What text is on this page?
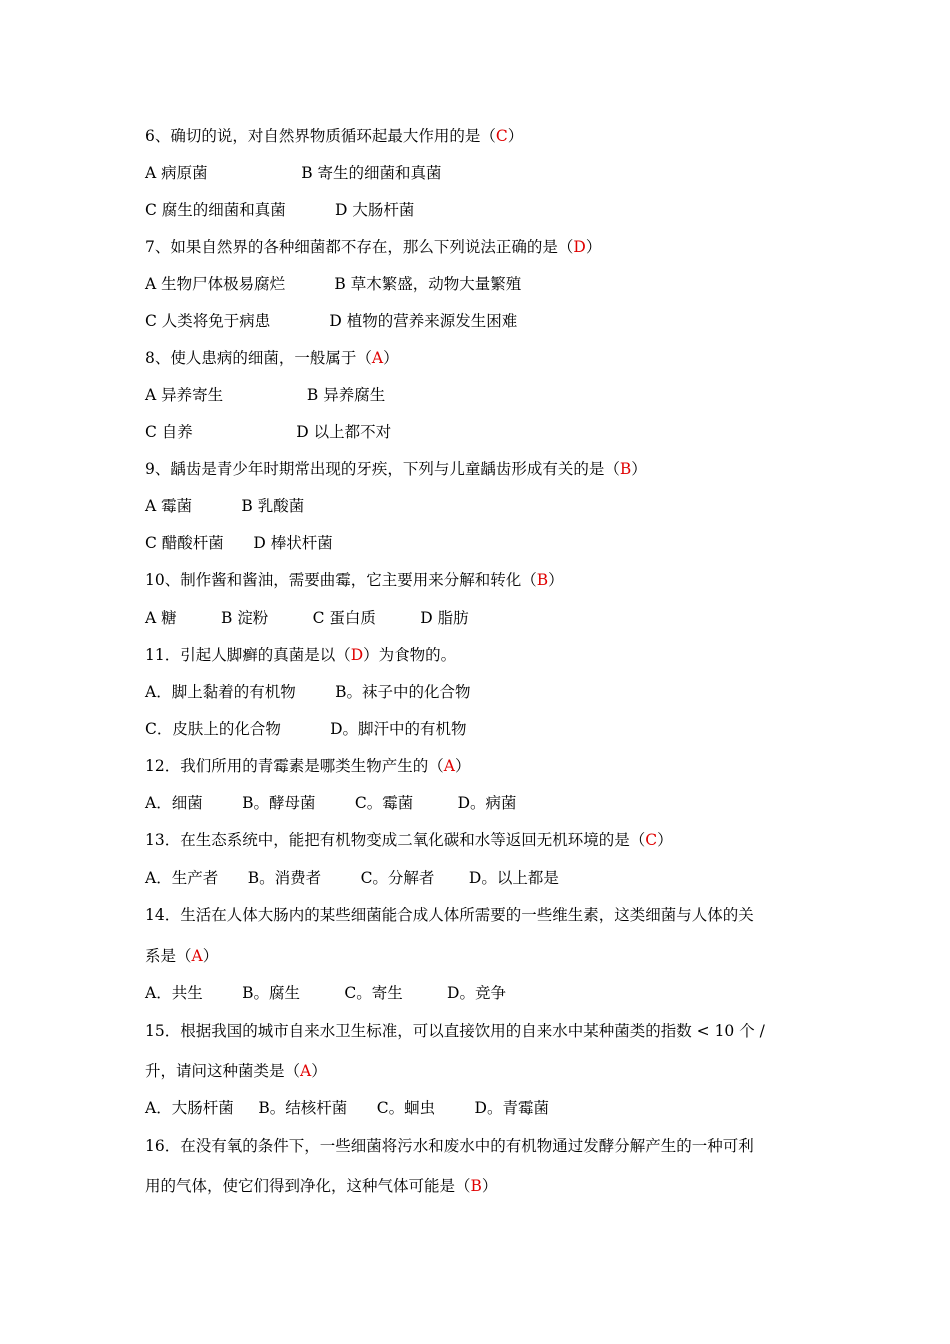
6、确切的说，对自然界物质循环起最大作用的是（C）
A 病原菌                   B 寄生的细菌和真菌
C 腐生的细菌和真菌          D 大肠杆菌
7、如果自然界的各种细菌都不存在，那么下列说法正确的是（D）
A 生物尸体极易腐烂          B 草木繁盛，动物大量繁殖
C 人类将免于病患            D 植物的营养来源发生困难
8、使人患病的细菌，一般属于（A）
A 异养寄生                 B 异养腐生
C 自养                     D 以上都不对
9、龋齿是青少年时期常出现的牙疾，下列与儿童龋齿形成有关的是（B）
A 霉菌          B 乳酸菌
C 醋酸杆菌      D 棒状杆菌
10、制作酱和酱油，需要曲霉，它主要用来分解和转化（B）
A 糖         B 淀粉         C 蛋白质         D 脂肪
11．引起人脚癣的真菌是以（D）为食物的。
A．脚上黏着的有机物        B。袜子中的化合物
C．皮肤上的化合物          D。脚汗中的有机物
12．我们所用的青霉素是哪类生物产生的（A）
A．细菌        B。酵母菌        C。霉菌         D。病菌
13．在生态系统中，能把有机物变成二氧化碳和水等返回无机环境的是（C）
A．生产者      B。消费者        C。分解者       D。以上都是
14．生活在人体大肠内的某些细菌能合成人体所需要的一些维生素，这类细菌与人体的关
系是（A）
A．共生        B。腐生         C。寄生         D。竞争
15．根据我国的城市自来水卫生标准，可以直接饮用的自来水中某种菌类的指数 < 10 个 /
升，请问这种菌类是（A）
A．大肠杆菌     B。结核杆菌      C。蛔虫        D。青霉菌
16．在没有氧的条件下，一些细菌将污水和废水中的有机物通过发酵分解产生的一种可利
用的气体，使它们得到净化，这种气体可能是（B）
